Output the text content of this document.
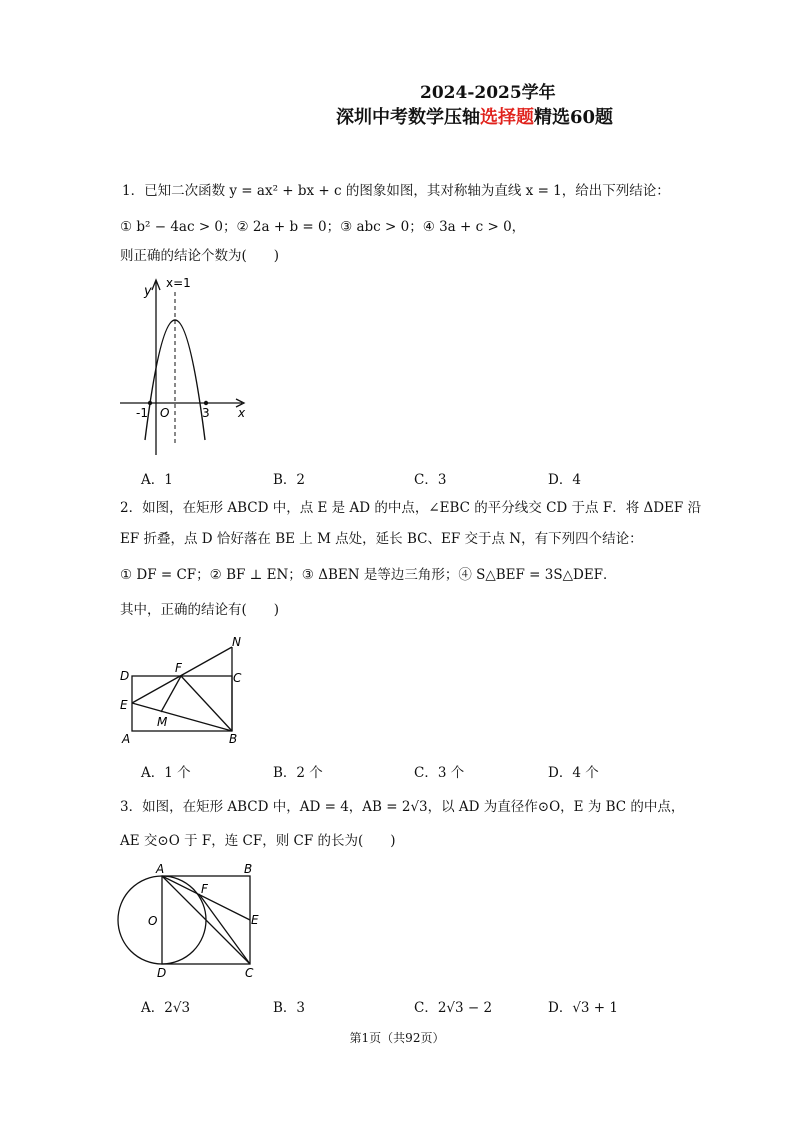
2024-2025学年
深圳中考数学压轴选择题精选60题
1．已知二次函数 y = ax² + bx + c 的图象如图，其对称轴为直线 x = 1，给出下列结论：
① b² − 4ac > 0；② 2a + b = 0；③ abc > 0；④ 3a + c > 0，
则正确的结论个数为(　　)
x=1
y
x
O
-1	3
A．1	B．2	C．3	D．4
2．如图，在矩形 ABCD 中，点 E 是 AD 的中点，∠EBC 的平分线交 CD 于点 F．将 ΔDEF 沿
EF 折叠，点 D 恰好落在 BE 上 M 点处，延长 BC、EF 交于点 N，有下列四个结论：
① DF = CF；② BF ⊥ EN；③ ΔBEN 是等边三角形；④ S△BEF = 3S△DEF．
其中，正确的结论有(　　)
N
D
F
C
E
M
A	B
A．1 个	B．2 个	C．3 个	D．4 个
3．如图，在矩形 ABCD 中，AD = 4，AB = 2√3，以 AD 为直径作⊙O，E 为 BC 的中点，
AE 交⊙O 于 F，连 CF，则 CF 的长为(　　)
A	B
F
O	E
D	C
A．2√3	B．3	C．2√3 − 2	D．√3 + 1
第1页（共92页）
